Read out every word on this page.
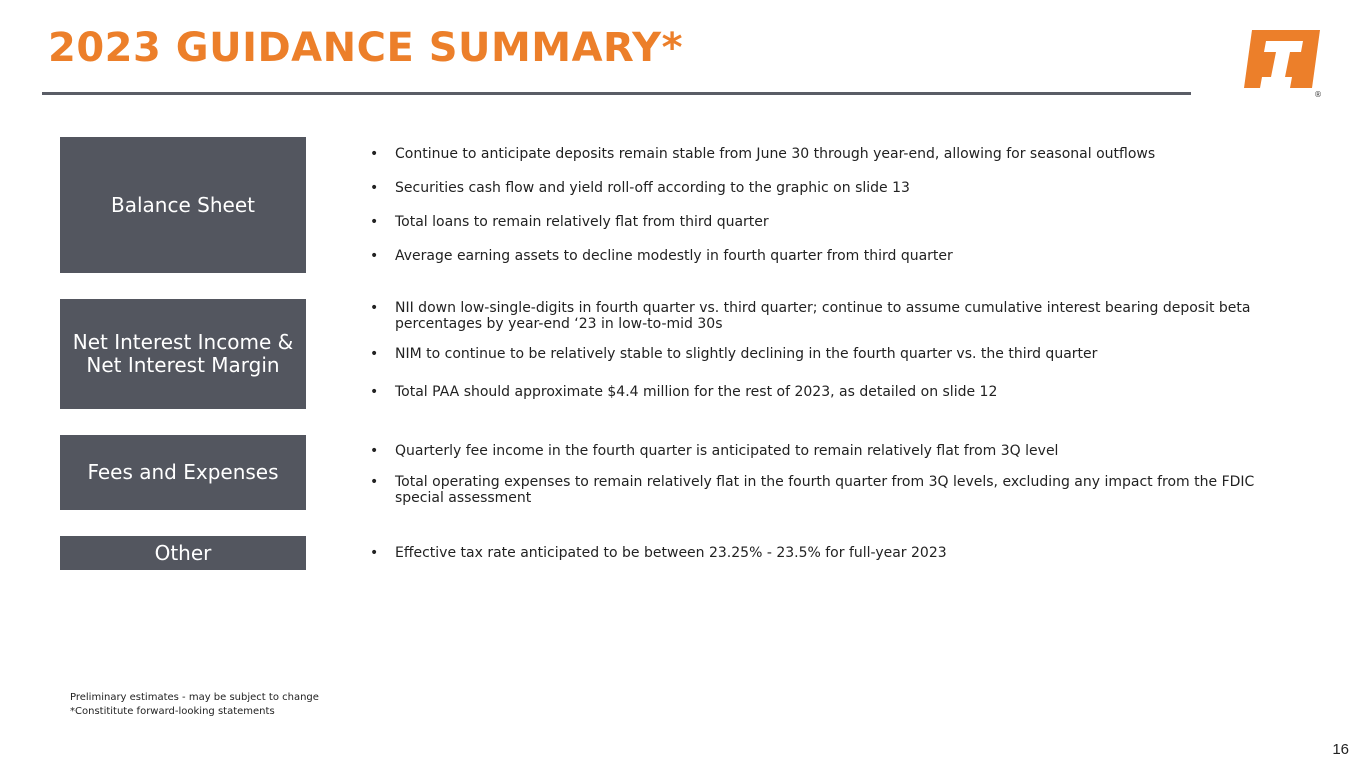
2023 GUIDANCE SUMMARY*
®
Balance Sheet
•	Continue to anticipate deposits remain stable from June 30 through year-end, allowing for seasonal outflows
•	Securities cash flow and yield roll-off according to the graphic on slide 13
•	Total loans to remain relatively flat from third quarter
•	Average earning assets to decline modestly in fourth quarter from third quarter
Net Interest Income &
Net Interest Margin
•	NII down low-single-digits in fourth quarter vs. third quarter; continue to assume cumulative interest bearing deposit beta percentages by year-end ‘23 in low-to-mid 30s
•	NIM to continue to be relatively stable to slightly declining in the fourth quarter vs. the third quarter
•	Total PAA should approximate $4.4 million for the rest of 2023, as detailed on slide 12
Fees and Expenses
•	Quarterly fee income in the fourth quarter is anticipated to remain relatively flat from 3Q level
•	Total operating expenses to remain relatively flat in the fourth quarter from 3Q levels, excluding any impact from the FDIC special assessment
Other	•	Effective tax rate anticipated to be between 23.25% - 23.5% for full-year 2023
Preliminary estimates - may be subject to change
*Constititute forward-looking statements
16
